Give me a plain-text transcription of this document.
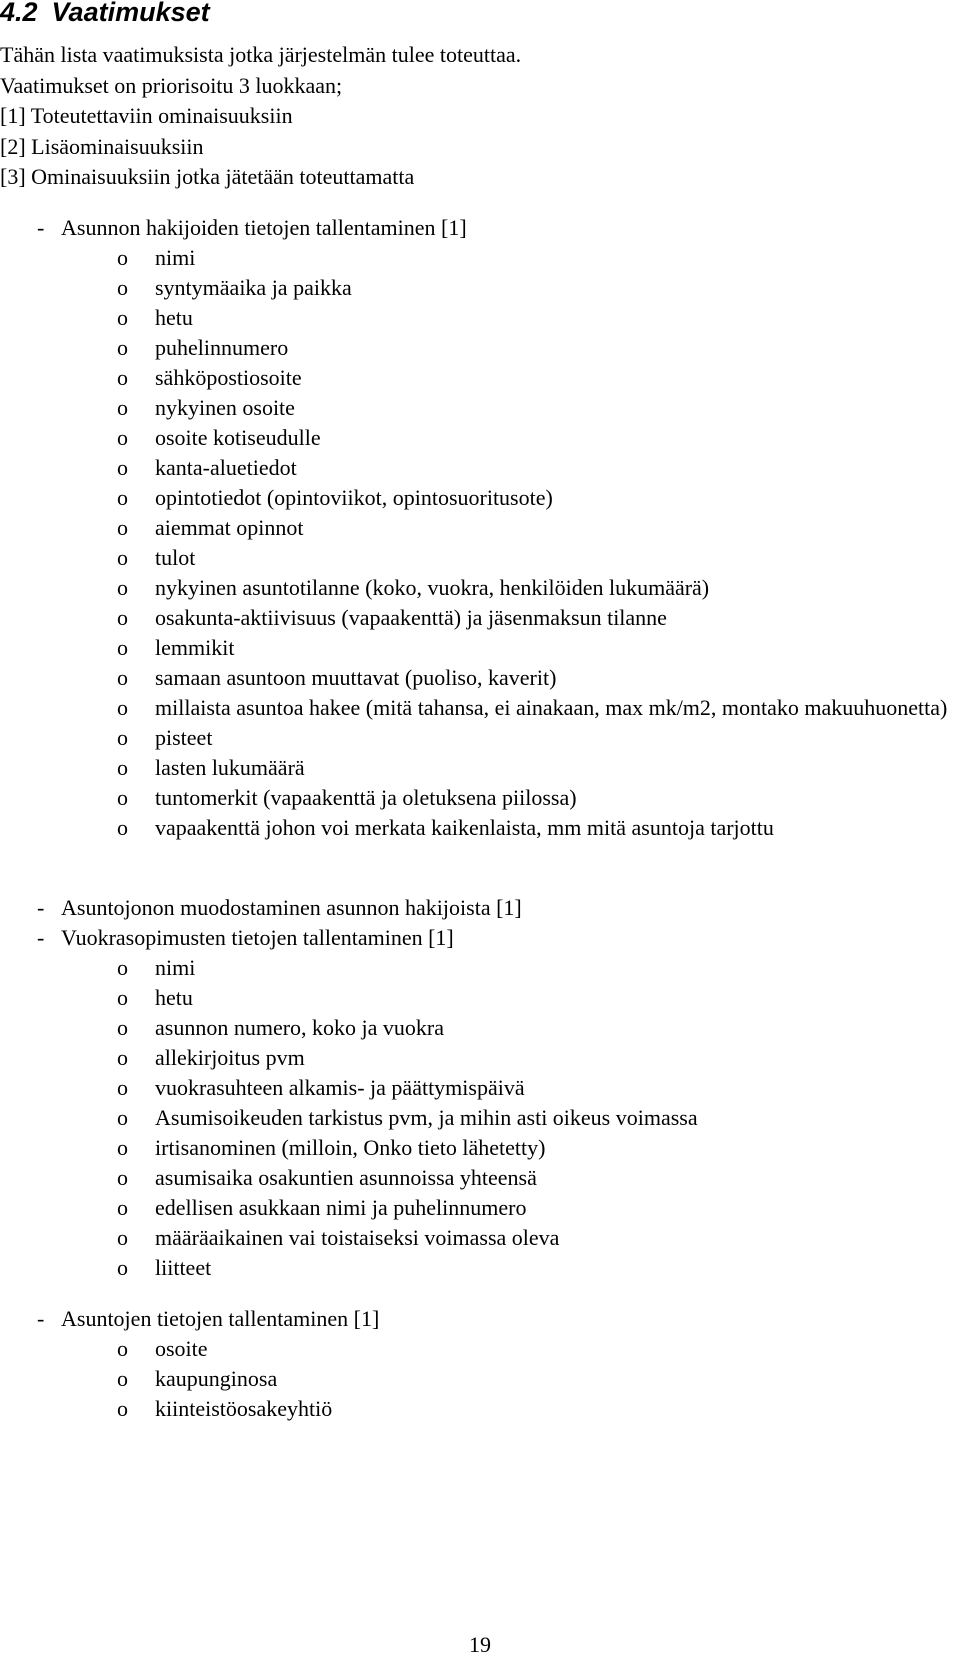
4.2 Vaatimukset
Tähän lista vaatimuksista jotka järjestelmän tulee toteuttaa.
Vaatimukset on priorisoitu 3 luokkaan;
[1] Toteutettaviin ominaisuuksiin
[2] Lisäominaisuuksiin
[3] Ominaisuuksiin jotka jätetään toteuttamatta
- Asunnon hakijoiden tietojen tallentaminen [1]
o	nimi
o	syntymäaika ja paikka
o	hetu
o	puhelinnumero
o	sähköpostiosoite
o	nykyinen osoite
o	osoite kotiseudulle
o	kanta-aluetiedot
o	opintotiedot (opintoviikot, opintosuoritusote)
o	aiemmat opinnot
o	tulot
o	nykyinen asuntotilanne (koko, vuokra, henkilöiden lukumäärä)
o	osakunta-aktiivisuus (vapaakenttä) ja jäsenmaksun tilanne
o	lemmikit
o	samaan asuntoon muuttavat (puoliso, kaverit)
o	millaista asuntoa hakee (mitä tahansa, ei ainakaan, max mk/m2, montako makuuhuonetta)
o	pisteet
o	lasten lukumäärä
o	tuntomerkit (vapaakenttä ja oletuksena piilossa)
o	vapaakenttä johon voi merkata kaikenlaista, mm mitä asuntoja tarjottu
- Asuntojonon muodostaminen asunnon hakijoista [1]
- Vuokrasopimusten tietojen tallentaminen [1]
o	nimi
o	hetu
o	asunnon numero, koko ja vuokra
o	allekirjoitus pvm
o	vuokrasuhteen alkamis- ja päättymispäivä
o	Asumisoikeuden tarkistus pvm, ja mihin asti oikeus voimassa
o	irtisanominen (milloin, Onko tieto lähetetty)
o	asumisaika osakuntien asunnoissa yhteensä
o	edellisen asukkaan nimi ja puhelinnumero
o	määräaikainen vai toistaiseksi voimassa oleva
o	liitteet
- Asuntojen tietojen tallentaminen [1]
o	osoite
o	kaupunginosa
o	kiinteistöosakeyhtiö
19
